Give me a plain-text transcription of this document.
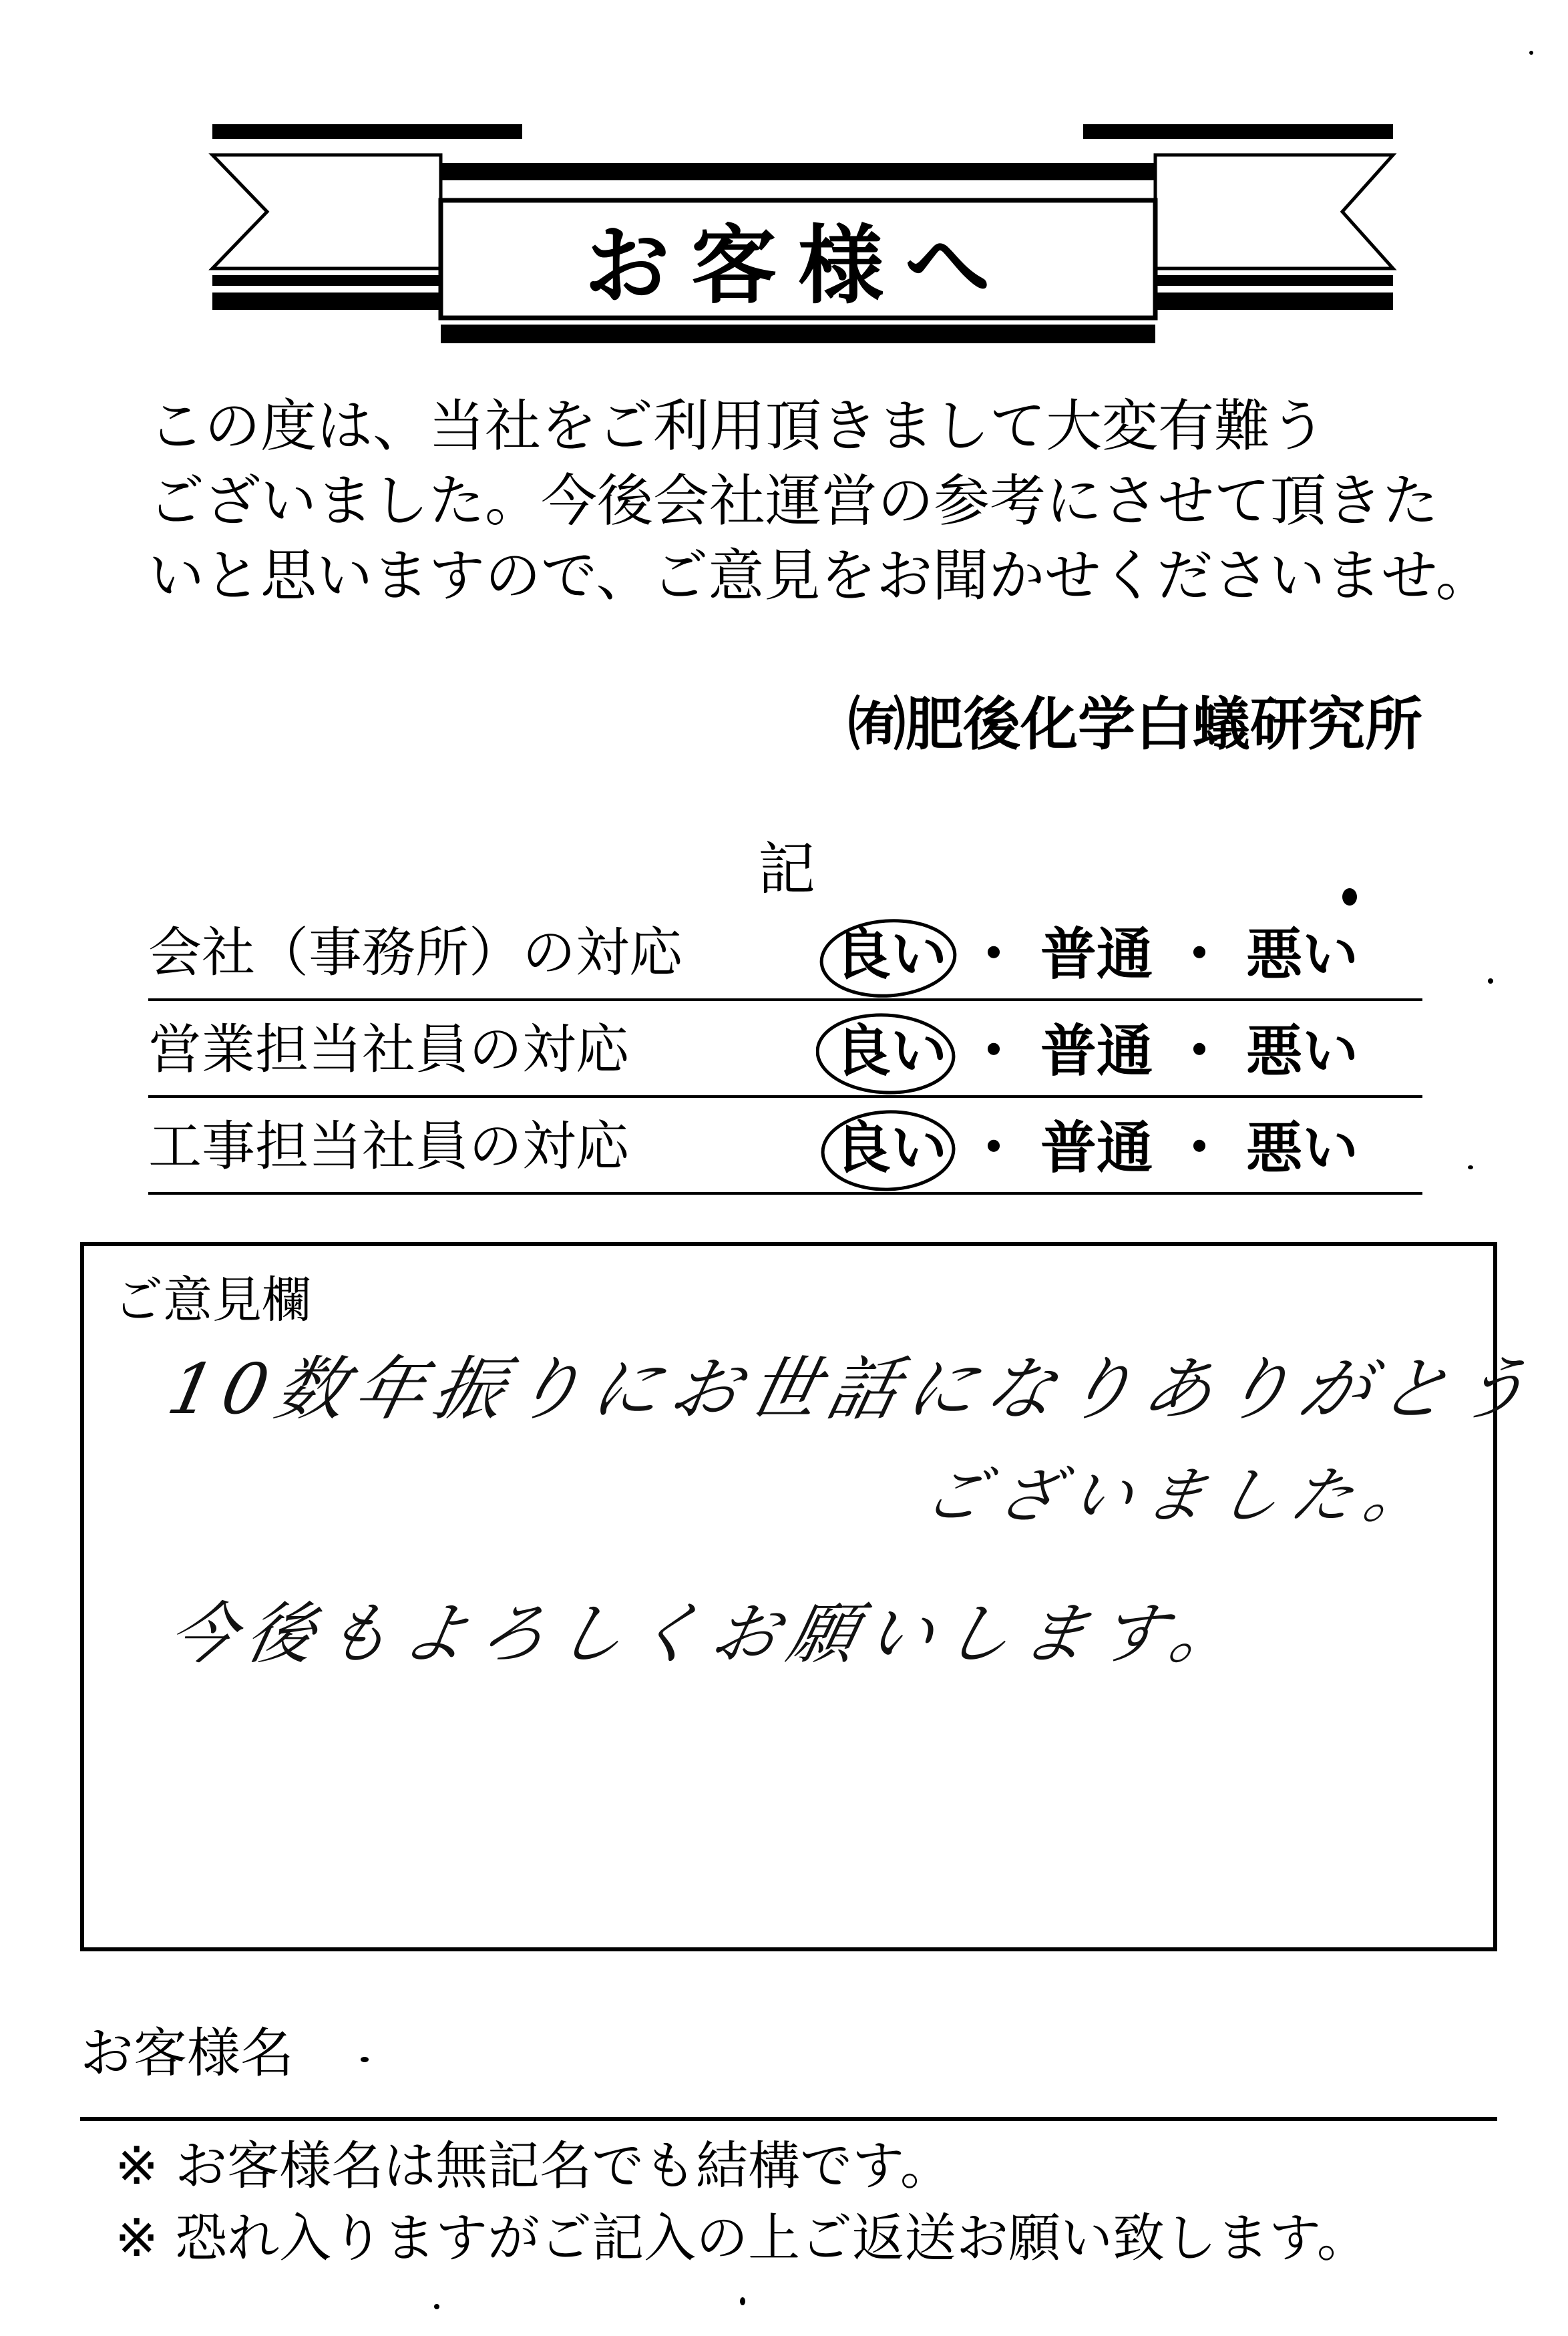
お客様へ
この度は、当社をご利用頂きまして大変有難う
ございました。今後会社運営の参考にさせて頂きた
いと思いますので、ご意見をお聞かせくださいませ。
㈲肥後化学白蟻研究所
記
会社（事務所）の対応	良い ・ 普通 ・ 悪い
営業担当社員の対応	良い ・ 普通 ・ 悪い
工事担当社員の対応	良い ・ 普通 ・ 悪い
ご意見欄
10数年振りにお世話になりありがとう
ございました。
今後もよろしくお願いします。
お客様名
※ お客様名は無記名でも結構です。
※ 恐れ入りますがご記入の上ご返送お願い致します。
